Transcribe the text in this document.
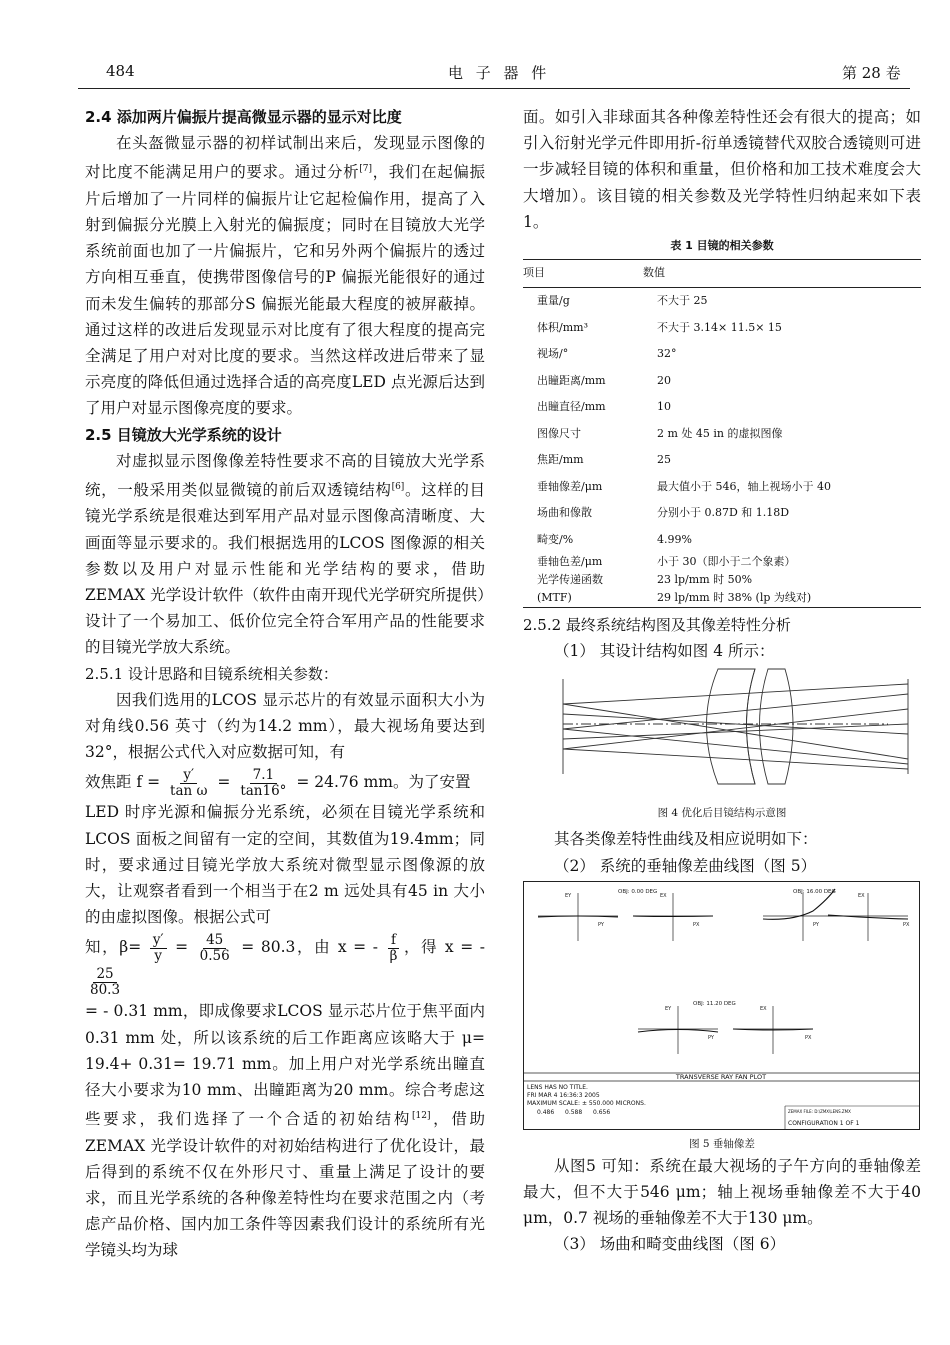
484	电 子 器 件	第 28 卷
2.4 添加两片偏振片提高微显示器的显示对比度

在头盔微显示器的初样试制出来后，发现显示图像的对比度不能满足用户的要求。通过分析[7]，我们在起偏振片后增加了一片同样的偏振片让它起检偏作用，提高了入射到偏振分光膜上入射光的偏振度；同时在目镜放大光学系统前面也加了一片偏振片，它和另外两个偏振片的透过方向相互垂直，使携带图像信号的P 偏振光能很好的通过而未发生偏转的那部分S 偏振光能最大程度的被屏蔽掉。通过这样的改进后发现显示对比度有了很大程度的提高完全满足了用户对对比度的要求。当然这样改进后带来了显示亮度的降低但通过选择合适的高亮度LED 点光源后达到了用户对显示图像亮度的要求。

2.5 目镜放大光学系统的设计

对虚拟显示图像像差特性要求不高的目镜放大光学系统，一般采用类似显微镜的前后双透镜结构[6]。这样的目镜光学系统是很难达到军用产品对显示图像高清晰度、大画面等显示要求的。我们根据选用的LCOS 图像源的相关参数以及用户对显示性能和光学结构的要求，借助ZEMAX 光学设计软件（软件由南开现代光学研究所提供）设计了一个易加工、低价位完全符合军用产品的性能要求的目镜光学放大系统。

2.5.1 设计思路和目镜系统相关参数：

因我们选用的LCOS 显示芯片的有效显示面积大小为对角线0.56 英寸（约为14.2 mm），最大视场角要达到32°，根据公式代入对应数据可知，有

效焦距 $f = \frac{y'}{\text{tan ω}} = \frac{7.1}{\tan 16^\circ} = 24.76$ mm。为了安置

LED 时序光源和偏振分光系统，必须在目镜光学系统和LCOS 面板之间留有一定的空间，其数值为19.4mm；同时，要求通过目镜光学放大系统对微型显示图像源的放大，让观察者看到一个相当于在2 m 远处具有45 in 大小的由虚拟图像。根据公式可

知，$\beta= \frac{y'}{y} = \frac{45}{0.56} = 80.3$，由 x = - $\frac{f}{\beta}$ ，得 x = -
$\frac{25}{80.3}$

= - 0.31 mm，即成像要求LCOS 显示芯片位于焦平面内0.31 mm 处，所以该系统的后工作距离应该略大于 μ= 19.4+ 0.31= 19.71 mm。加上用户对光学系统出瞳直径大小要求为10 mm、出瞳距离为20 mm。综合考虑这些要求，我们选择了一个合适的初始结构[12]，借助ZEMAX 光学设计软件的对初始结构进行了优化设计，最后得到的系统不仅在外形尺寸、重量上满足了设计的要求，而且光学系统的各种像差特性均在要求范围之内（考虑产品价格、国内加工条件等因素我们设计的系统所有光学镜头均为球

面。如引入非球面其各种像差特性还会有很大的提高；如引入衍射光学元件即用折-衍单透镜替代双胶合透镜则可进一步减轻目镜的体积和重量，但价格和加工技术难度会大大增加）。该目镜的相关参数及光学特性归纳起来如下表1。

表 1 目镜的相关参数
项目	数值
重量/g	不大于 25
体积/mm³	不大于 3.14× 11.5× 15
视场/°	32°
出瞳距离/mm	20
出瞳直径/mm	10
图像尺寸	2 m 处 45 in 的虚拟图像
焦距/mm	25
垂轴像差/μm	最大值小于 546，轴上视场小于 40
场曲和像散	分别小于 0.87D 和 1.18D
畸变/%	4.99%
垂轴色差/μm	小于 30（即小于二个象素）
光学传递函数	23 lp/mm 时 50%
(MTF)	29 lp/mm 时 38% (lp 为线对)
2.5.2 最终系统结构图及其像差特性分析

（1） 其设计结构如图 4 所示：

图 4 优化后目镜结构示意图

其各类像差特性曲线及相应说明如下：

（2） 系统的垂轴像差曲线图（图 5）

OBJ: 0.00 DEG	OBJ: 16.00 DEG
OBJ: 11.20 DEG
EY	EX
PY	PX
EX
PY	PX
EY	EX
PY	PX
TRANSVERSE RAY FAN PLOT
LENS HAS NO TITLE.
FRI MAR 4 16:36:3 2005
MAXIMUM SCALE: ± 550.000 MICRONS.
0.486 0.588 0.656	ZEMAX FILE: D:\ZMX\LENS.ZMX
CONFIGURATION 1 OF 1
图 5 垂轴像差

从图5 可知：系统在最大视场的子午方向的垂轴像差最大，但不大于546 μm；轴上视场垂轴像差不大于40 μm，0.7 视场的垂轴像差不大于130 μm。

（3） 场曲和畸变曲线图（图 6）
